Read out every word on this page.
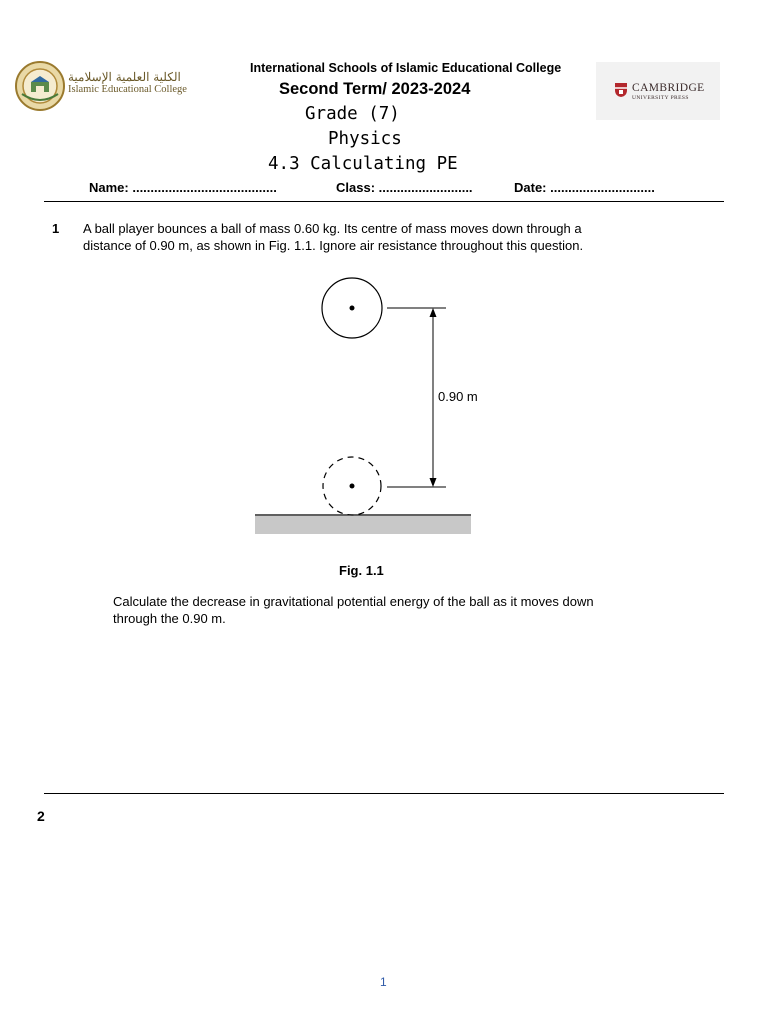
الكلية العلمية الإسلامية
Islamic Educational College	CAMBRIDGE
UNIVERSITY PRESS
International Schools of Islamic Educational College
Second Term/ 2023-2024
Grade (7)
Physics
4.3 Calculating PE
Name: ........................................	Class: ..........................	Date: .............................
1 A ball player bounces a ball of mass 0.60 kg. Its centre of mass moves down through a
distance of 0.90 m, as shown in Fig. 1.1. Ignore air resistance throughout this question.
0.90 m
Fig. 1.1
Calculate the decrease in gravitational potential energy of the ball as it moves down
through the 0.90 m.
2
1
